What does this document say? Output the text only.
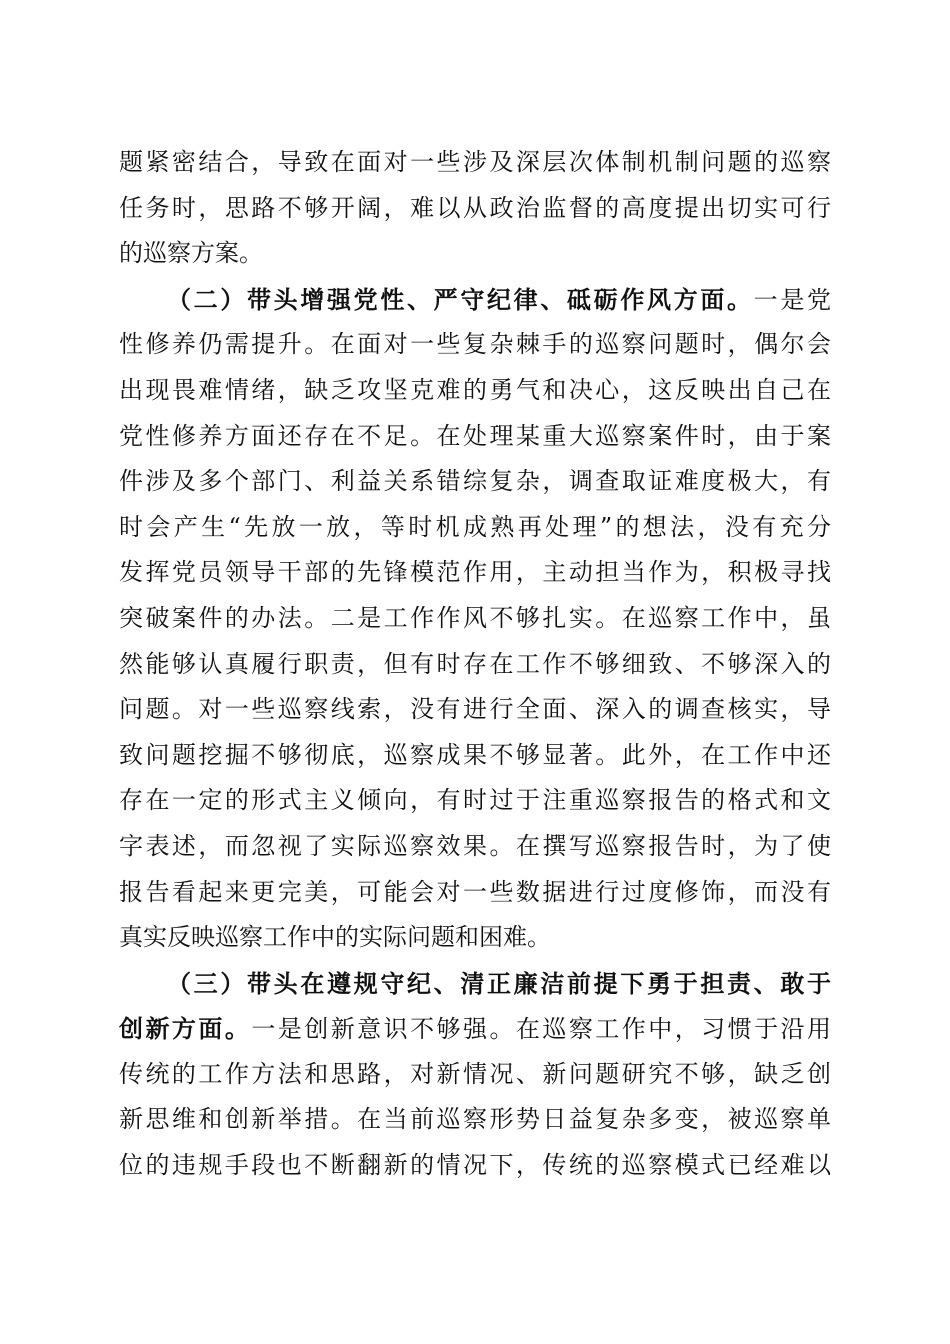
题紧密结合，导致在面对一些涉及深层次体制机制问题的巡察
任务时，思路不够开阔，难以从政治监督的高度提出切实可行
的巡察方案。
（二）带头增强党性、严守纪律、砥砺作风方面。一是党
性修养仍需提升。在面对一些复杂棘手的巡察问题时，偶尔会
出现畏难情绪，缺乏攻坚克难的勇气和决心，这反映出自己在
党性修养方面还存在不足。在处理某重大巡察案件时，由于案
件涉及多个部门、利益关系错综复杂，调查取证难度极大，有
时会产生“先放一放，等时机成熟再处理”的想法，没有充分
发挥党员领导干部的先锋模范作用，主动担当作为，积极寻找
突破案件的办法。二是工作作风不够扎实。在巡察工作中，虽
然能够认真履行职责，但有时存在工作不够细致、不够深入的
问题。对一些巡察线索，没有进行全面、深入的调查核实，导
致问题挖掘不够彻底，巡察成果不够显著。此外，在工作中还
存在一定的形式主义倾向，有时过于注重巡察报告的格式和文
字表述，而忽视了实际巡察效果。在撰写巡察报告时，为了使
报告看起来更完美，可能会对一些数据进行过度修饰，而没有
真实反映巡察工作中的实际问题和困难。
（三）带头在遵规守纪、清正廉洁前提下勇于担责、敢于
创新方面。一是创新意识不够强。在巡察工作中，习惯于沿用
传统的工作方法和思路，对新情况、新问题研究不够，缺乏创
新思维和创新举措。在当前巡察形势日益复杂多变，被巡察单
位的违规手段也不断翻新的情况下，传统的巡察模式已经难以
